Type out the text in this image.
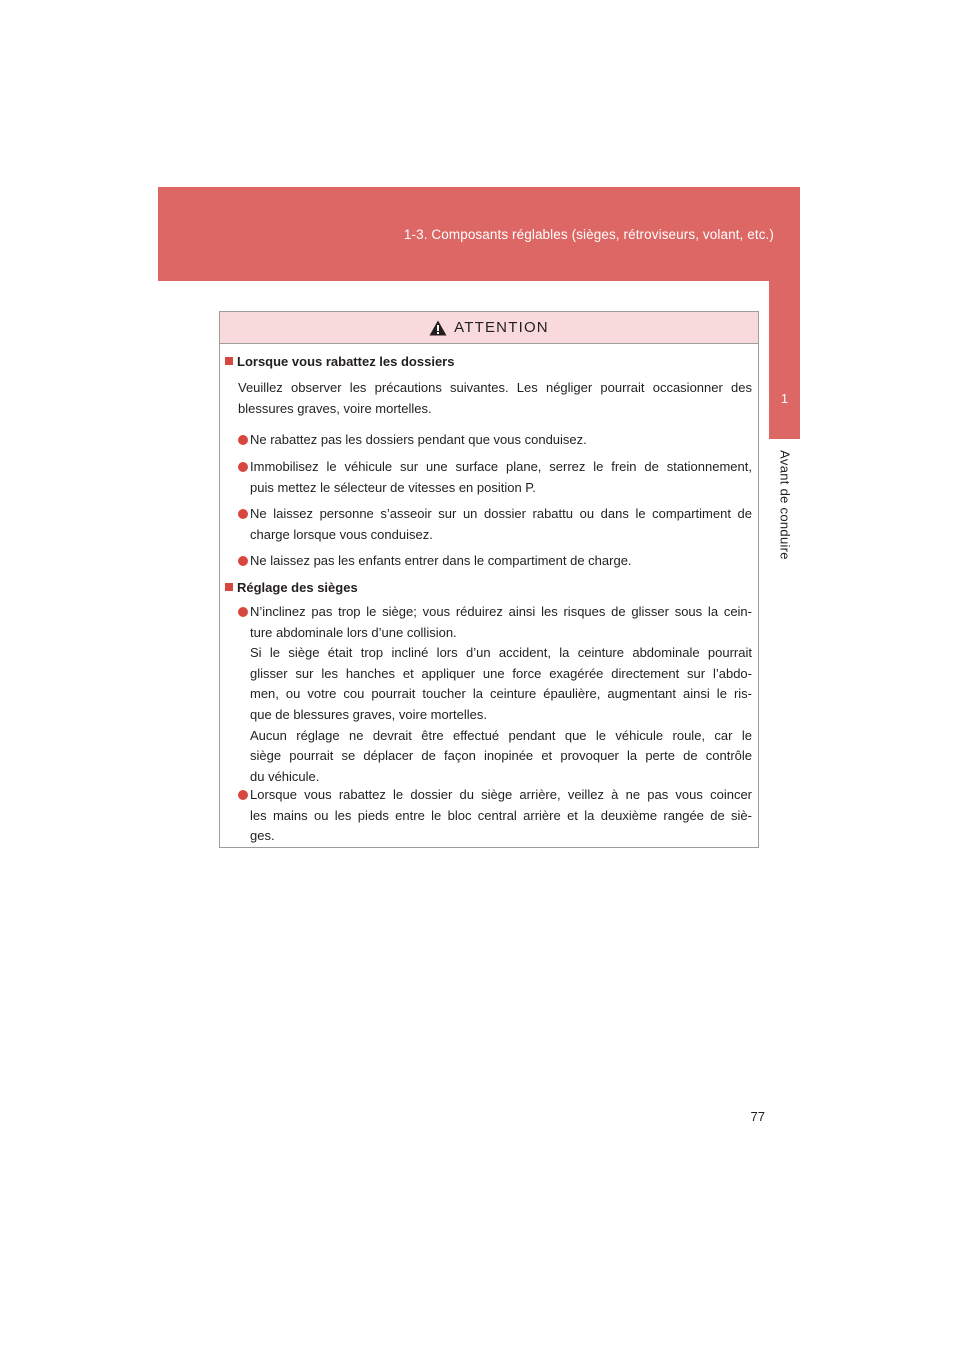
1-3. Composants réglables (sièges, rétroviseurs, volant, etc.)
1
Avant de conduire
ATTENTION
Lorsque vous rabattez les dossiers
Veuillez observer les précautions suivantes. Les négliger pourrait occasionner des
blessures graves, voire mortelles.
Ne rabattez pas les dossiers pendant que vous conduisez.
Immobilisez le véhicule sur une surface plane, serrez le frein de stationnement,
puis mettez le sélecteur de vitesses en position P.
Ne laissez personne s’asseoir sur un dossier rabattu ou dans le compartiment de
charge lorsque vous conduisez.
Ne laissez pas les enfants entrer dans le compartiment de charge.
Réglage des sièges
N’inclinez pas trop le siège; vous réduirez ainsi les risques de glisser sous la cein-
ture abdominale lors d’une collision.
Si le siège était trop incliné lors d’un accident, la ceinture abdominale pourrait
glisser sur les hanches et appliquer une force exagérée directement sur l’abdo-
men, ou votre cou pourrait toucher la ceinture épaulière, augmentant ainsi le ris-
que de blessures graves, voire mortelles.
Aucun réglage ne devrait être effectué pendant que le véhicule roule, car le
siège pourrait se déplacer de façon inopinée et provoquer la perte de contrôle
du véhicule.
Lorsque vous rabattez le dossier du siège arrière, veillez à ne pas vous coincer
les mains ou les pieds entre le bloc central arrière et la deuxième rangée de siè-
ges.
77
